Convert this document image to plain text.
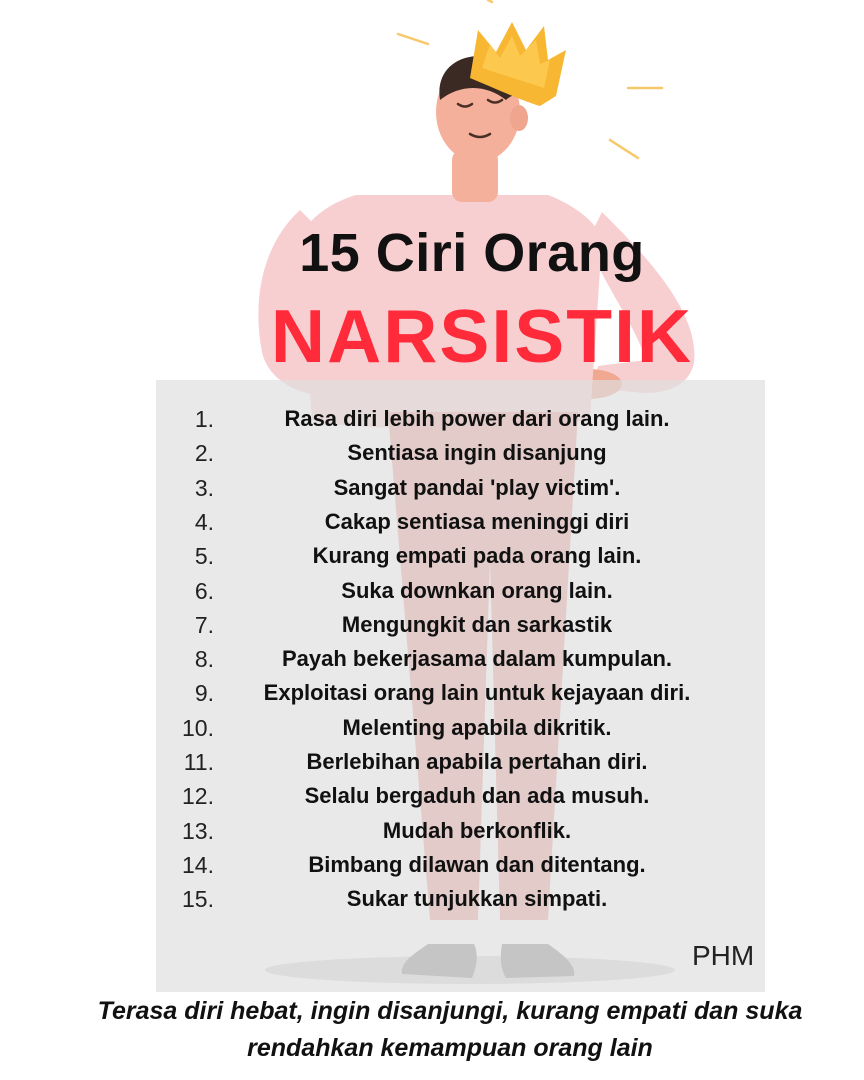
15 Ciri Orang
NARSISTIK
1.	Rasa diri lebih power dari orang lain.
2.	Sentiasa ingin disanjung
3.	Sangat pandai 'play victim'.
4.	Cakap sentiasa meninggi diri
5.	Kurang empati pada orang lain.
6.	Suka downkan orang lain.
7.	Mengungkit dan sarkastik
8.	Payah bekerjasama dalam kumpulan.
9.	Exploitasi orang lain untuk kejayaan diri.
10.	Melenting apabila dikritik.
11.	Berlebihan apabila pertahan diri.
12.	Selalu bergaduh dan ada musuh.
13.	Mudah berkonflik.
14.	Bimbang dilawan dan ditentang.
15.	Sukar tunjukkan simpati.
PHM
Terasa diri hebat, ingin disanjungi, kurang empati dan suka
rendahkan kemampuan orang lain
